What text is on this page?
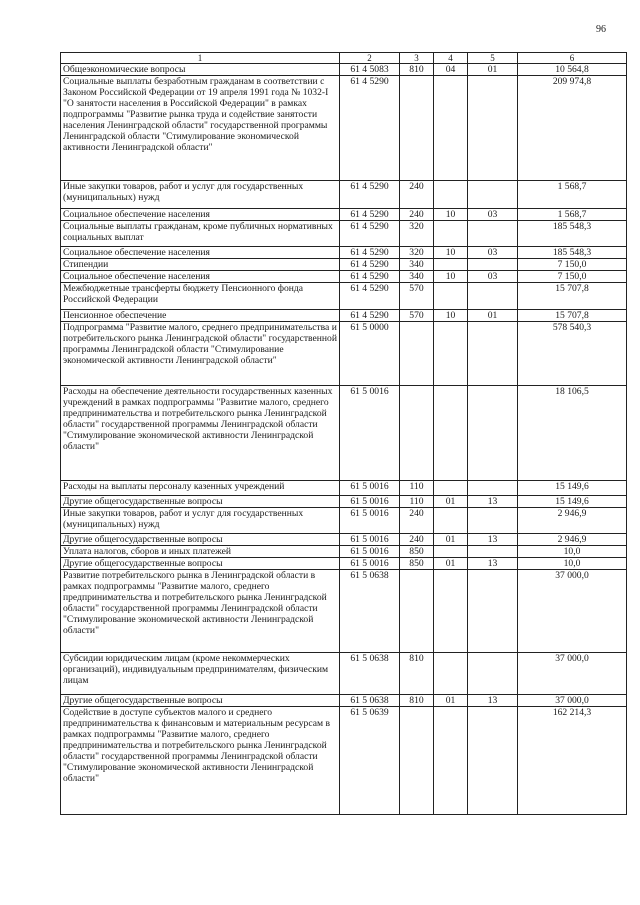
96
1	2	3	4	5	6
Общеэкономические вопросы	61 4 5083	810	04	01	10 564,8
Социальные выплаты безработным гражданам в соответствии с Законом Российской Федерации от 19 апреля 1991 года № 1032-I "О занятости населения в Российской Федерации" в рамках подпрограммы "Развитие рынка труда и содействие занятости населения Ленинградской области" государственной программы Ленинградской области "Стимулирование экономической активности Ленинградской области"	61 4 5290				209 974,8
Иные закупки товаров, работ и услуг для государственных (муниципальных) нужд	61 4 5290	240			1 568,7
Социальное обеспечение населения	61 4 5290	240	10	03	1 568,7
Социальные выплаты гражданам, кроме публичных нормативных социальных выплат	61 4 5290	320			185 548,3
Социальное обеспечение населения	61 4 5290	320	10	03	185 548,3
Стипендии	61 4 5290	340			7 150,0
Социальное обеспечение населения	61 4 5290	340	10	03	7 150,0
Межбюджетные трансферты бюджету Пенсионного фонда Российской Федерации	61 4 5290	570			15 707,8
Пенсионное обеспечение	61 4 5290	570	10	01	15 707,8
Подпрограмма "Развитие малого, среднего предпринимательства и потребительского рынка Ленинградской области" государственной программы Ленинградской области "Стимулирование экономической активности Ленинградской области"	61 5 0000				578 540,3
Расходы на обеспечение деятельности государственных казенных учреждений в рамках подпрограммы "Развитие малого, среднего предпринимательства и потребительского рынка Ленинградской области" государственной программы Ленинградской области "Стимулирование экономической активности Ленинградской области"	61 5 0016				18 106,5
Расходы на выплаты персоналу казенных учреждений	61 5 0016	110			15 149,6
Другие общегосударственные вопросы	61 5 0016	110	01	13	15 149,6
Иные закупки товаров, работ и услуг для государственных (муниципальных) нужд	61 5 0016	240			2 946,9
Другие общегосударственные вопросы	61 5 0016	240	01	13	2 946,9
Уплата налогов, сборов и иных платежей	61 5 0016	850			10,0
Другие общегосударственные вопросы	61 5 0016	850	01	13	10,0
Развитие потребительского рынка в Ленинградской области в рамках подпрограммы "Развитие малого, среднего предпринимательства и потребительского рынка Ленинградской области" государственной программы Ленинградской области "Стимулирование экономической активности Ленинградской области"	61 5 0638				37 000,0
Субсидии юридическим лицам (кроме некоммерческих организаций), индивидуальным предпринимателям, физическим лицам	61 5 0638	810			37 000,0
Другие общегосударственные вопросы	61 5 0638	810	01	13	37 000,0
Содействие в доступе субъектов малого и среднего предпринимательства к финансовым и материальным ресурсам в рамках подпрограммы "Развитие малого, среднего предпринимательства и потребительского рынка Ленинградской области" государственной программы Ленинградской области "Стимулирование экономической активности Ленинградской области"	61 5 0639				162 214,3
